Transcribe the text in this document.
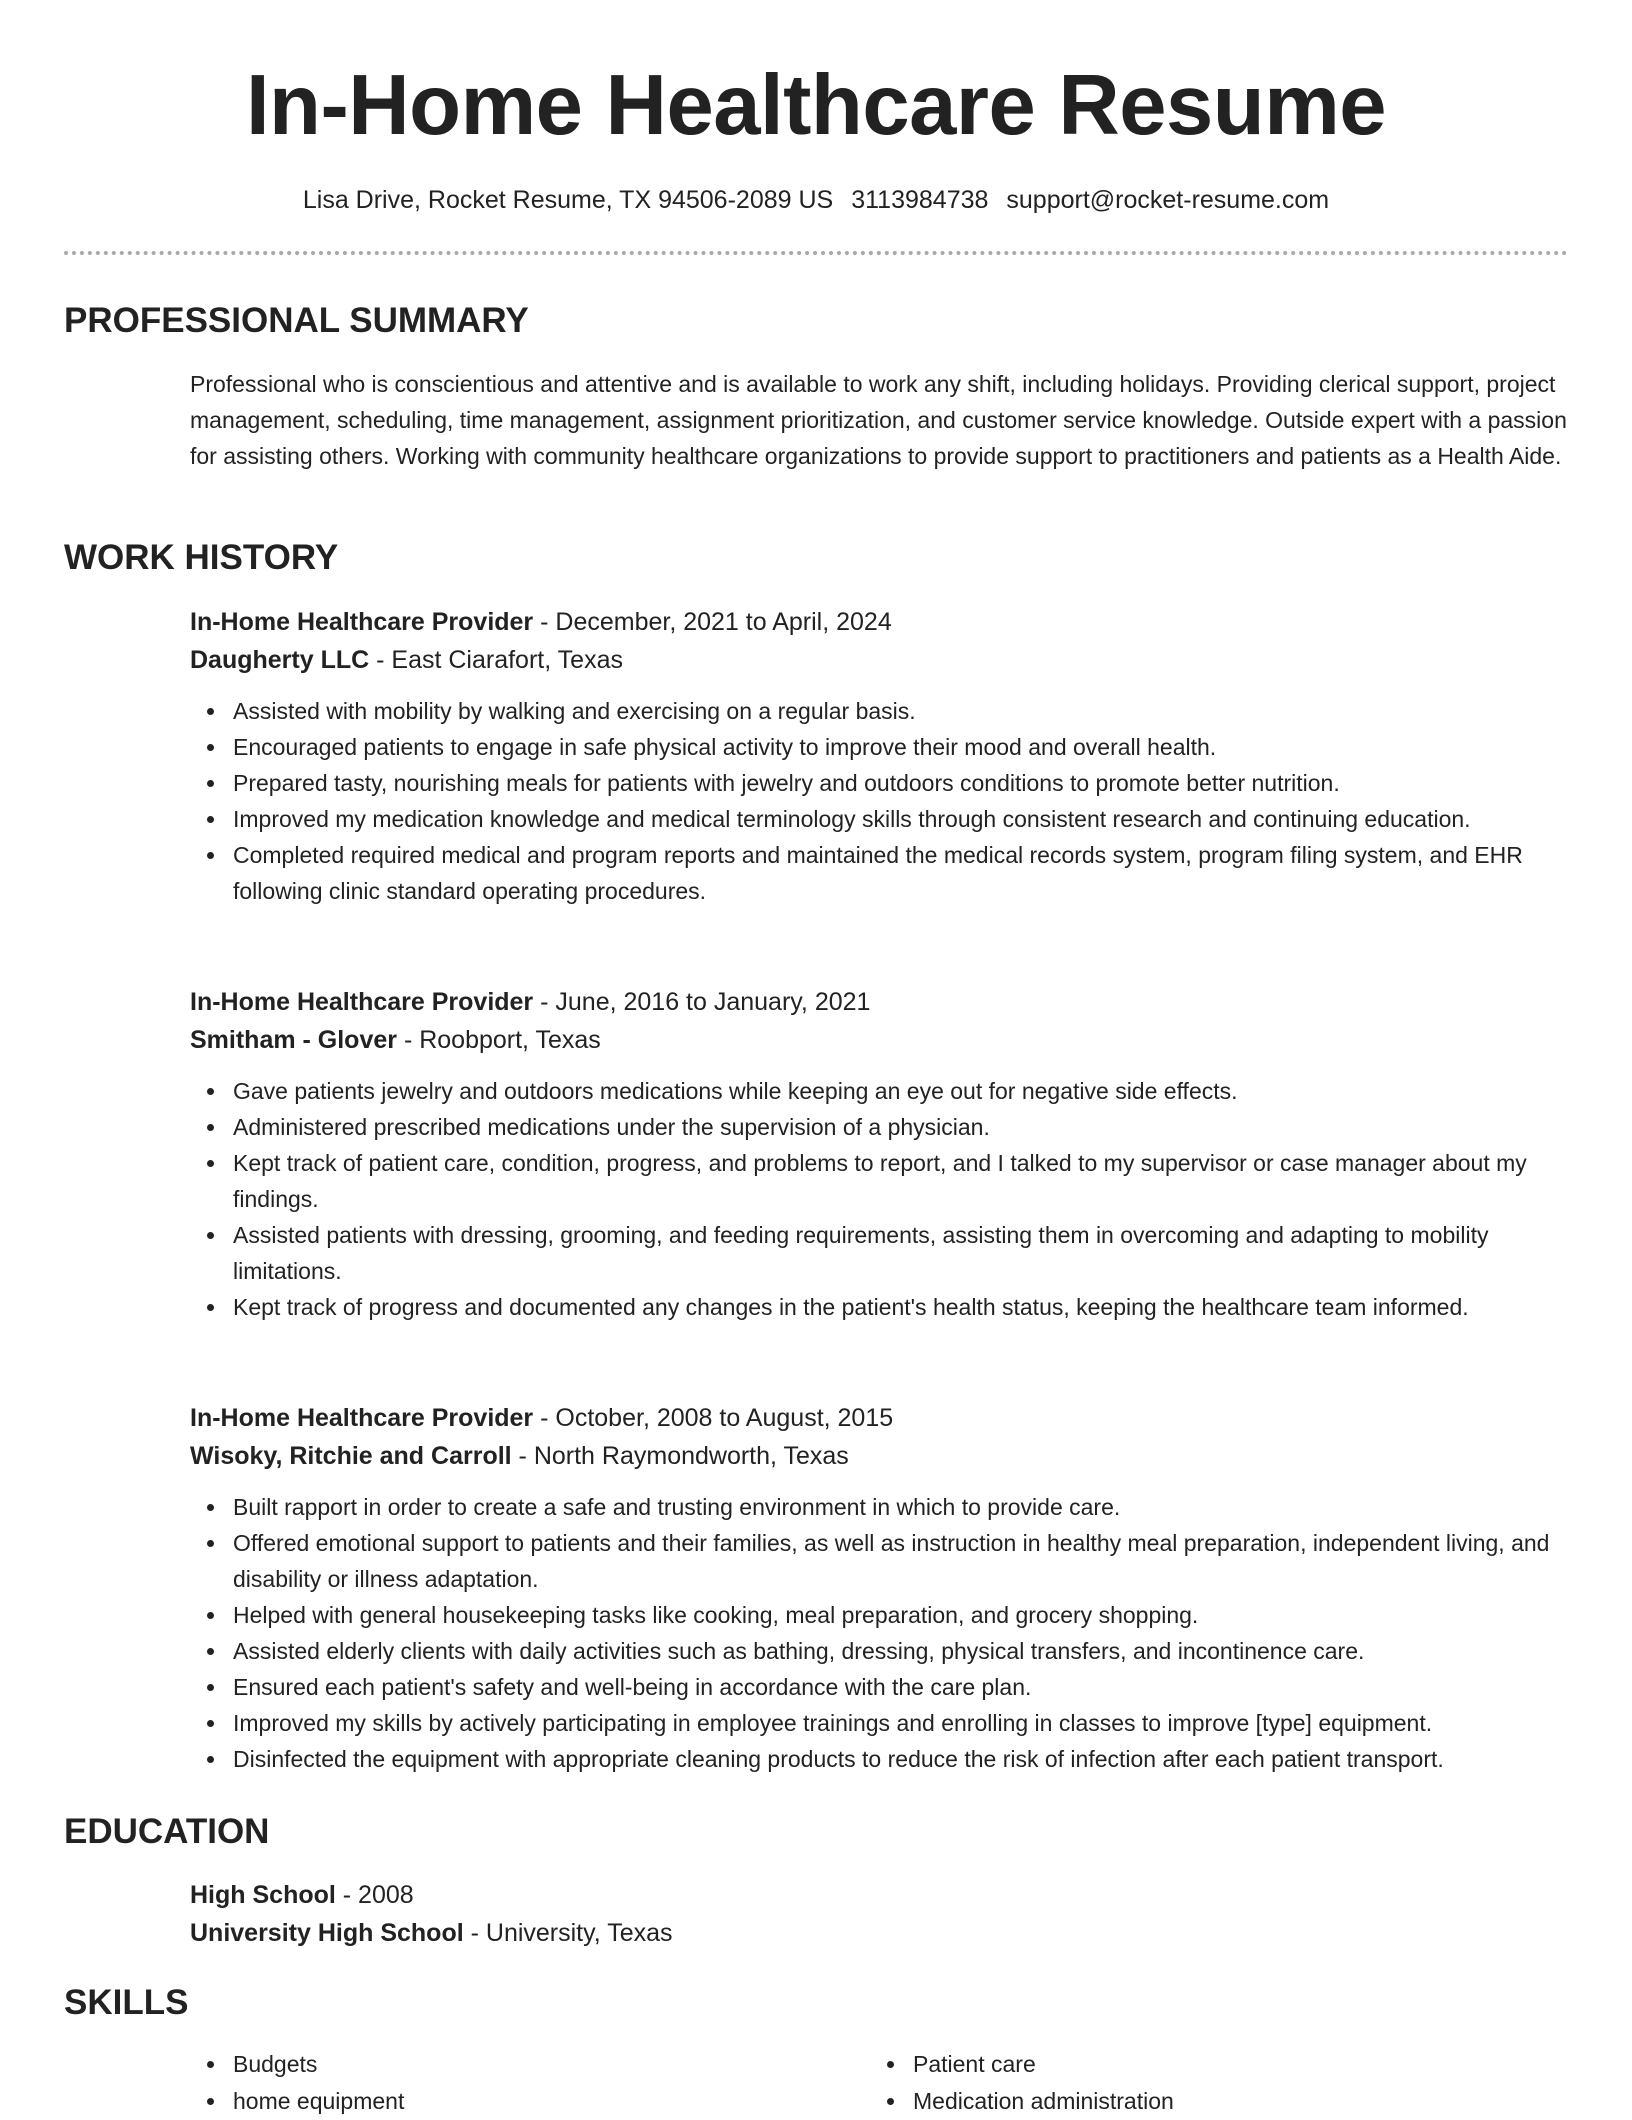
In-Home Healthcare Resume
Lisa Drive, Rocket Resume, TX 94506-2089 US 3113984738 support@rocket-resume.com
PROFESSIONAL SUMMARY

Professional who is conscientious and attentive and is available to work any shift, including holidays. Providing clerical support, project management, scheduling, time management, assignment prioritization, and customer service knowledge. Outside expert with a passion for assisting others. Working with community healthcare organizations to provide support to practitioners and patients as a Health Aide.

WORK HISTORY
In-Home Healthcare Provider - December, 2021 to April, 2024
Daugherty LLC - East Ciarafort, Texas
Assisted with mobility by walking and exercising on a regular basis.
Encouraged patients to engage in safe physical activity to improve their mood and overall health.
Prepared tasty, nourishing meals for patients with jewelry and outdoors conditions to promote better nutrition.
Improved my medication knowledge and medical terminology skills through consistent research and continuing education.
Completed required medical and program reports and maintained the medical records system, program filing system, and EHR following clinic standard operating procedures.
In-Home Healthcare Provider - June, 2016 to January, 2021
Smitham - Glover - Roobport, Texas
Gave patients jewelry and outdoors medications while keeping an eye out for negative side effects.
Administered prescribed medications under the supervision of a physician.
Kept track of patient care, condition, progress, and problems to report, and I talked to my supervisor or case manager about my findings.
Assisted patients with dressing, grooming, and feeding requirements, assisting them in overcoming and adapting to mobility limitations.
Kept track of progress and documented any changes in the patient's health status, keeping the healthcare team informed.
In-Home Healthcare Provider - October, 2008 to August, 2015
Wisoky, Ritchie and Carroll - North Raymondworth, Texas
Built rapport in order to create a safe and trusting environment in which to provide care.
Offered emotional support to patients and their families, as well as instruction in healthy meal preparation, independent living, and disability or illness adaptation.
Helped with general housekeeping tasks like cooking, meal preparation, and grocery shopping.
Assisted elderly clients with daily activities such as bathing, dressing, physical transfers, and incontinence care.
Ensured each patient's safety and well-being in accordance with the care plan.
Improved my skills by actively participating in employee trainings and enrolling in classes to improve [type] equipment.
Disinfected the equipment with appropriate cleaning products to reduce the risk of infection after each patient transport.
EDUCATION
High School - 2008
University High School - University, Texas
SKILLS
Budgets
home equipment
Patient care
Medication administration
